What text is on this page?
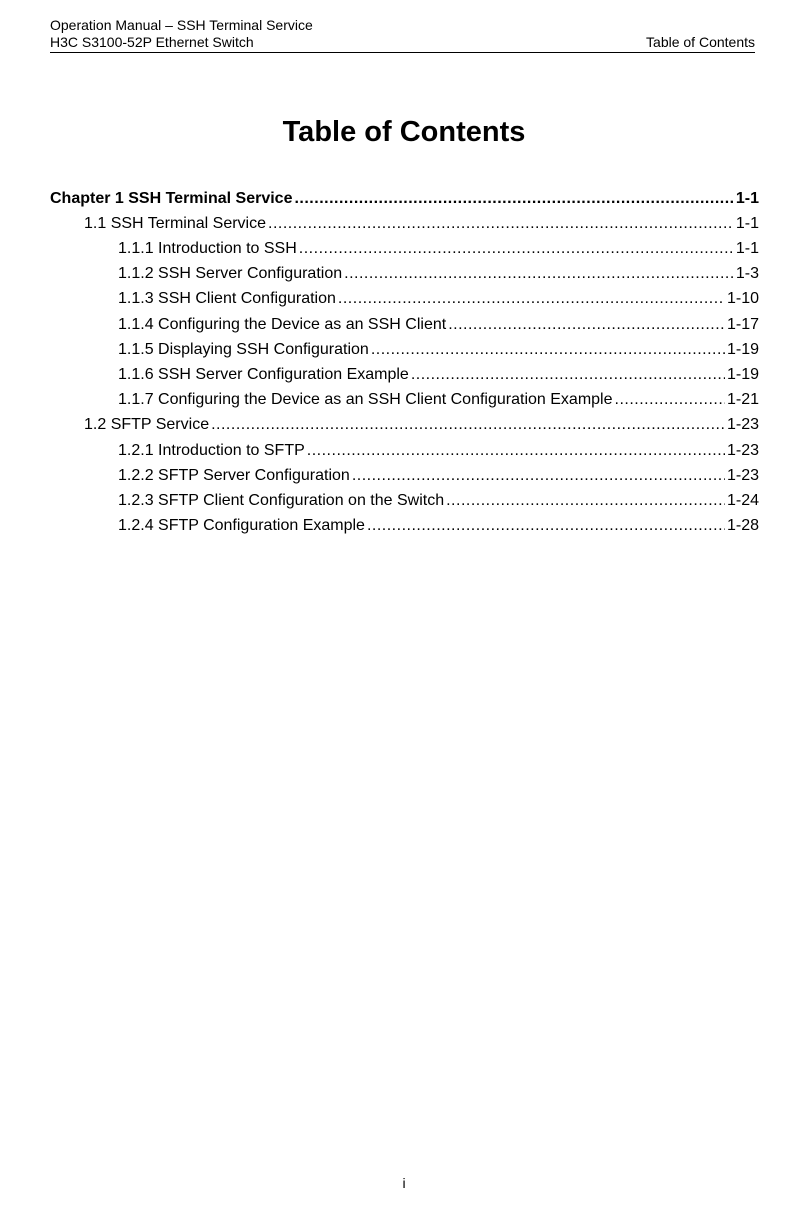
Operation Manual – SSH Terminal Service
H3C S3100-52P Ethernet Switch	Table of Contents
Table of Contents
Chapter 1 SSH Terminal Service .....	1-1
1.1 SSH Terminal Service .....	1-1
1.1.1 Introduction to SSH .....	1-1
1.1.2 SSH Server Configuration .....	1-3
1.1.3 SSH Client Configuration .....	1-10
1.1.4 Configuring the Device as an SSH Client .....	1-17
1.1.5 Displaying SSH Configuration .....	1-19
1.1.6 SSH Server Configuration Example .....	1-19
1.1.7 Configuring the Device as an SSH Client Configuration Example .....	1-21
1.2 SFTP Service .....	1-23
1.2.1 Introduction to SFTP .....	1-23
1.2.2 SFTP Server Configuration .....	1-23
1.2.3 SFTP Client Configuration on the Switch .....	1-24
1.2.4 SFTP Configuration Example .....	1-28
i
